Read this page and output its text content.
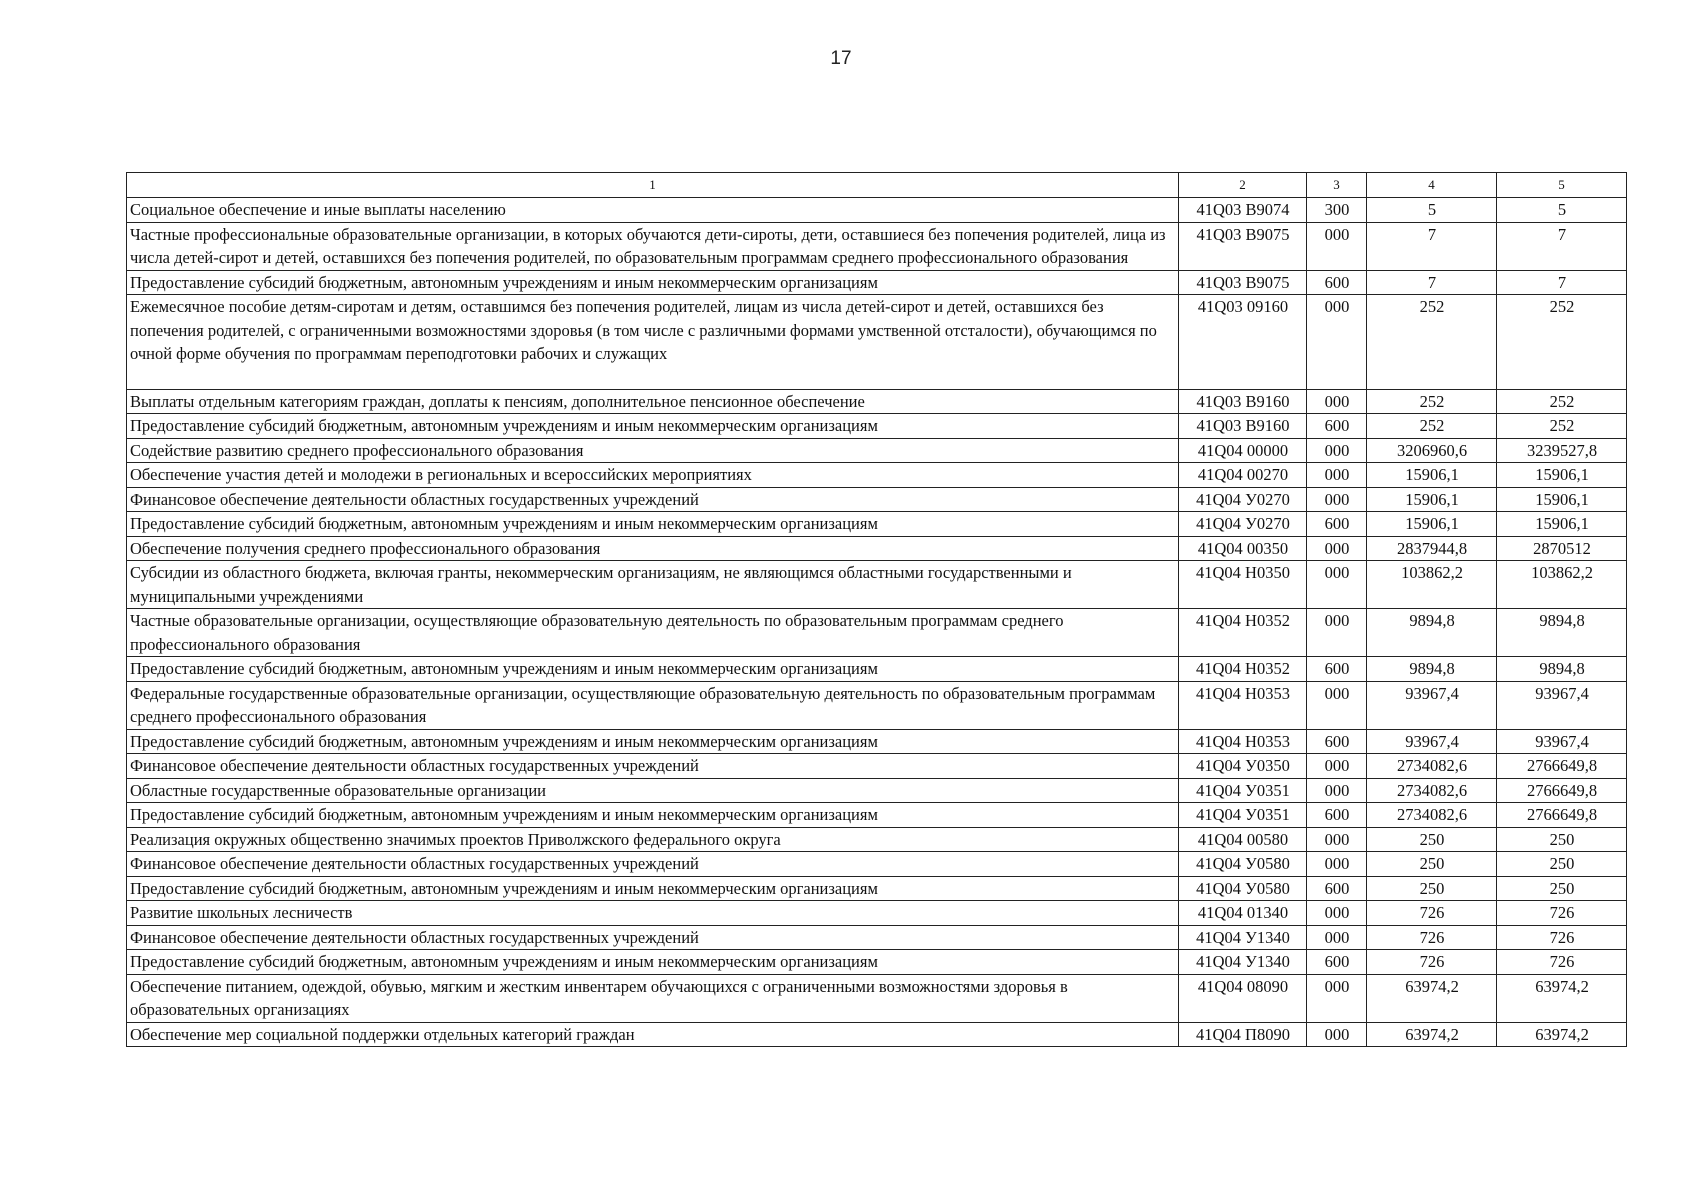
17
1	2	3	4	5
Социальное обеспечение и иные выплаты населению	41Q03 B9074	300	5	5
Частные профессиональные образовательные организации, в которых обучаются дети-сироты, дети, оставшиеся без попечения родителей, лица из числа детей-сирот и детей, оставшихся без попечения родителей, по образовательным программам среднего профессионального образования	41Q03 B9075	000	7	7
Предоставление субсидий бюджетным, автономным учреждениям и иным некоммерческим организациям	41Q03 B9075	600	7	7
Ежемесячное пособие детям-сиротам и детям, оставшимся без попечения родителей, лицам из числа детей-сирот и детей, оставшихся без попечения родителей, с ограниченными возможностями здоровья (в том числе с различными формами умственной отсталости), обучающимся по очной форме обучения по программам переподготовки рабочих и служащих	41Q03 09160	000	252	252
Выплаты отдельным категориям граждан, доплаты к пенсиям, дополнительное пенсионное обеспечение	41Q03 B9160	000	252	252
Предоставление субсидий бюджетным, автономным учреждениям и иным некоммерческим организациям	41Q03 B9160	600	252	252
Содействие развитию среднего профессионального образования	41Q04 00000	000	3206960,6	3239527,8
Обеспечение участия детей и молодежи в региональных и всероссийских мероприятиях	41Q04 00270	000	15906,1	15906,1
Финансовое обеспечение деятельности областных государственных учреждений	41Q04 У0270	000	15906,1	15906,1
Предоставление субсидий бюджетным, автономным учреждениям и иным некоммерческим организациям	41Q04 У0270	600	15906,1	15906,1
Обеспечение получения среднего профессионального образования	41Q04 00350	000	2837944,8	2870512
Субсидии из областного бюджета, включая гранты, некоммерческим организациям, не являющимся областными государственными и муниципальными учреждениями	41Q04 H0350	000	103862,2	103862,2
Частные образовательные организации, осуществляющие образовательную деятельность по образовательным программам среднего профессионального образования	41Q04 H0352	000	9894,8	9894,8
Предоставление субсидий бюджетным, автономным учреждениям и иным некоммерческим организациям	41Q04 H0352	600	9894,8	9894,8
Федеральные государственные образовательные организации, осуществляющие образовательную деятельность по образовательным программам среднего профессионального образования	41Q04 H0353	000	93967,4	93967,4
Предоставление субсидий бюджетным, автономным учреждениям и иным некоммерческим организациям	41Q04 H0353	600	93967,4	93967,4
Финансовое обеспечение деятельности областных государственных учреждений	41Q04 У0350	000	2734082,6	2766649,8
Областные государственные образовательные организации	41Q04 У0351	000	2734082,6	2766649,8
Предоставление субсидий бюджетным, автономным учреждениям и иным некоммерческим организациям	41Q04 У0351	600	2734082,6	2766649,8
Реализация окружных общественно значимых проектов Приволжского федерального округа	41Q04 00580	000	250	250
Финансовое обеспечение деятельности областных государственных учреждений	41Q04 У0580	000	250	250
Предоставление субсидий бюджетным, автономным учреждениям и иным некоммерческим организациям	41Q04 У0580	600	250	250
Развитие школьных лесничеств	41Q04 01340	000	726	726
Финансовое обеспечение деятельности областных государственных учреждений	41Q04 У1340	000	726	726
Предоставление субсидий бюджетным, автономным учреждениям и иным некоммерческим организациям	41Q04 У1340	600	726	726
Обеспечение питанием, одеждой, обувью, мягким и жестким инвентарем обучающихся с ограниченными возможностями здоровья в образовательных организациях	41Q04 08090	000	63974,2	63974,2
Обеспечение мер социальной поддержки отдельных категорий граждан	41Q04 П8090	000	63974,2	63974,2
